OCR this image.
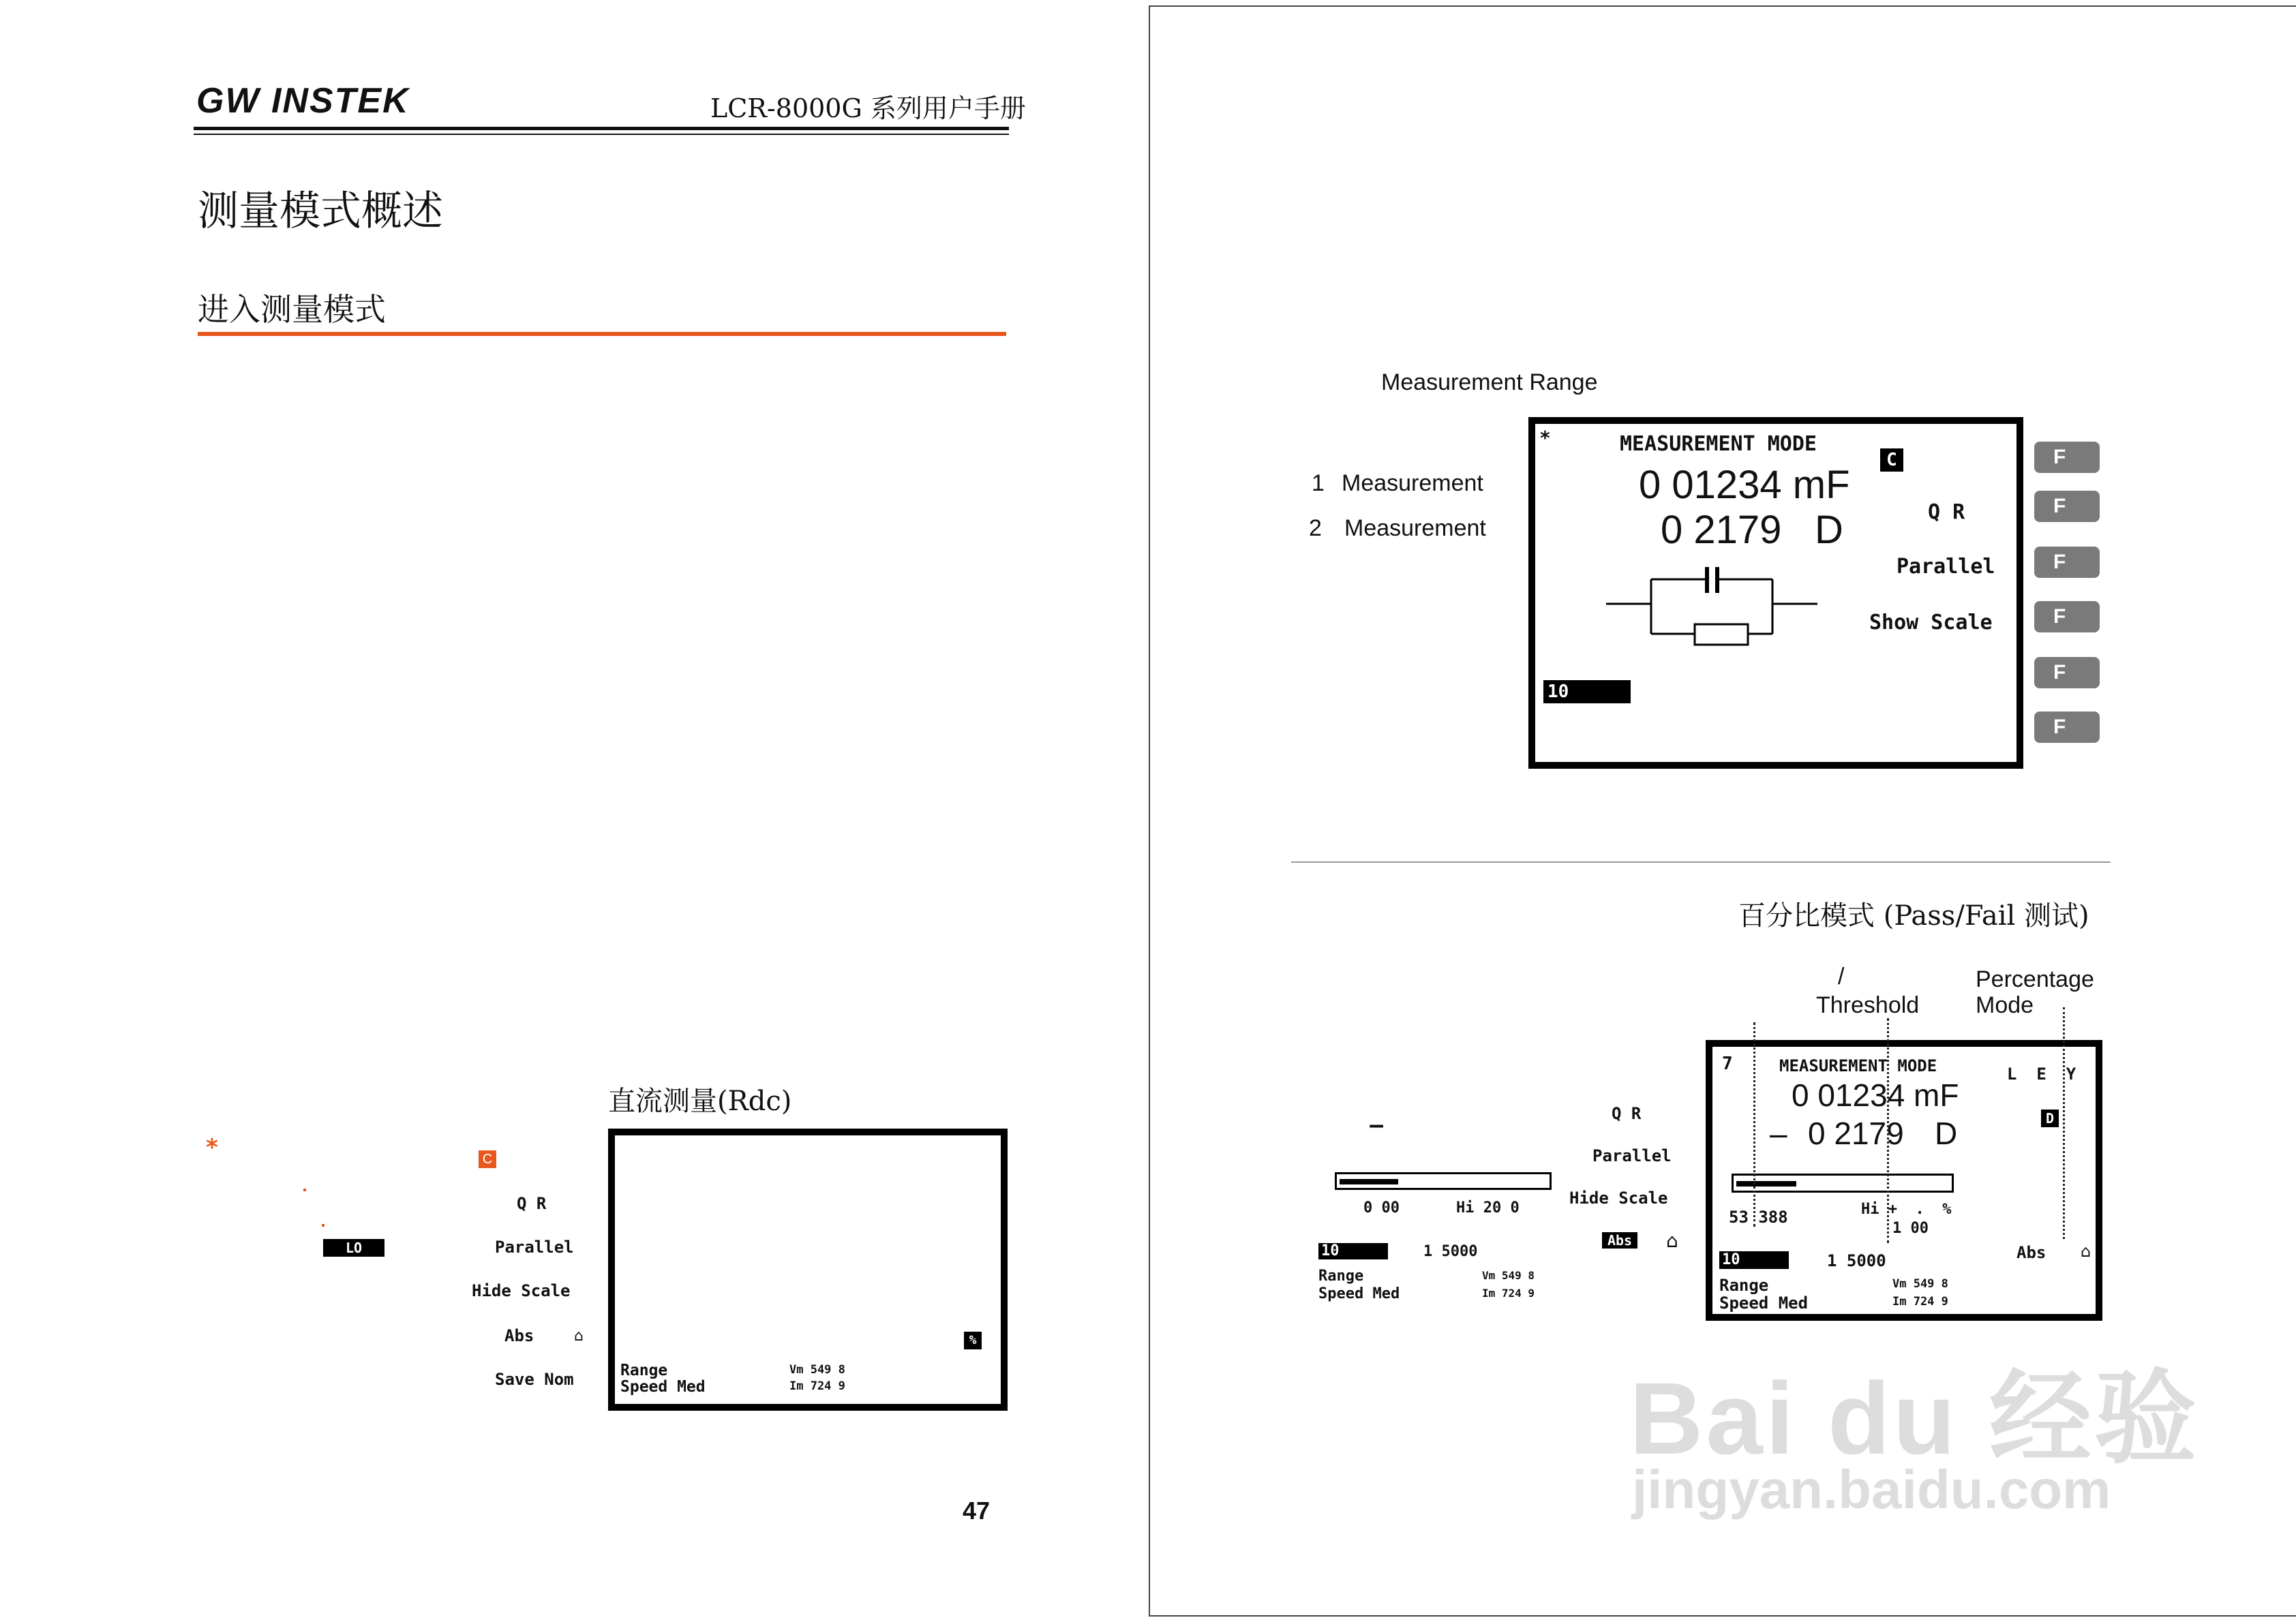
GW INSTEK	LCR-8000G 系列用户手册
测量模式概述
进入测量模式
直流测量(Rdc)
*	C
LO
Q R
Parallel
Hide Scale
Abs	⌂
Save Nom
%
Range
Speed Med
Vm 549 8
Im 724 9
47
Measurement Range
1 Measurement
2 Measurement
*	MEASUREMENT MODE
C
0 01234 mF
0 2179 D	Q R
Parallel
Show Scale
10
F
F
F
F
F
F
百分比模式 (Pass/Fail 测试)
/
Threshold
Percentage
Mode
–
0 00	Hi 20 0
10	1 5000
Range
Speed Med
Vm 549 8
Im 724 9
Q R
Parallel
Hide Scale
Abs ⌂
7	MEASUREMENT MODE	L  E  Y
D
0 01234 mF
– 0 2179 D
53 388	Hi +  .  %
1 00
10	1 5000	Abs ⌂
Range
Speed Med
Vm 549 8
Im 724 9
Bai du 经验
jingyan.baidu.com
